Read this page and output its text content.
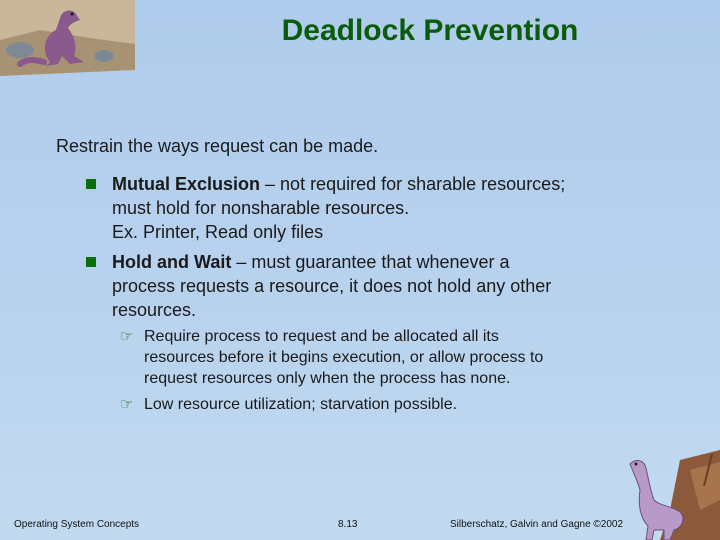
Deadlock Prevention
Restrain the ways request can be made.
Mutual Exclusion – not required for sharable resources;
must hold for nonsharable resources.
Ex. Printer, Read only files
Hold and Wait – must guarantee that whenever a
process requests a resource, it does not hold any other
resources.
☞ Require process to request and be allocated all its
resources before it begins execution, or allow process to
request resources only when the process has none.
☞ Low resource utilization; starvation possible.
Operating System Concepts	8.13	Silberschatz, Galvin and Gagne ©2002
